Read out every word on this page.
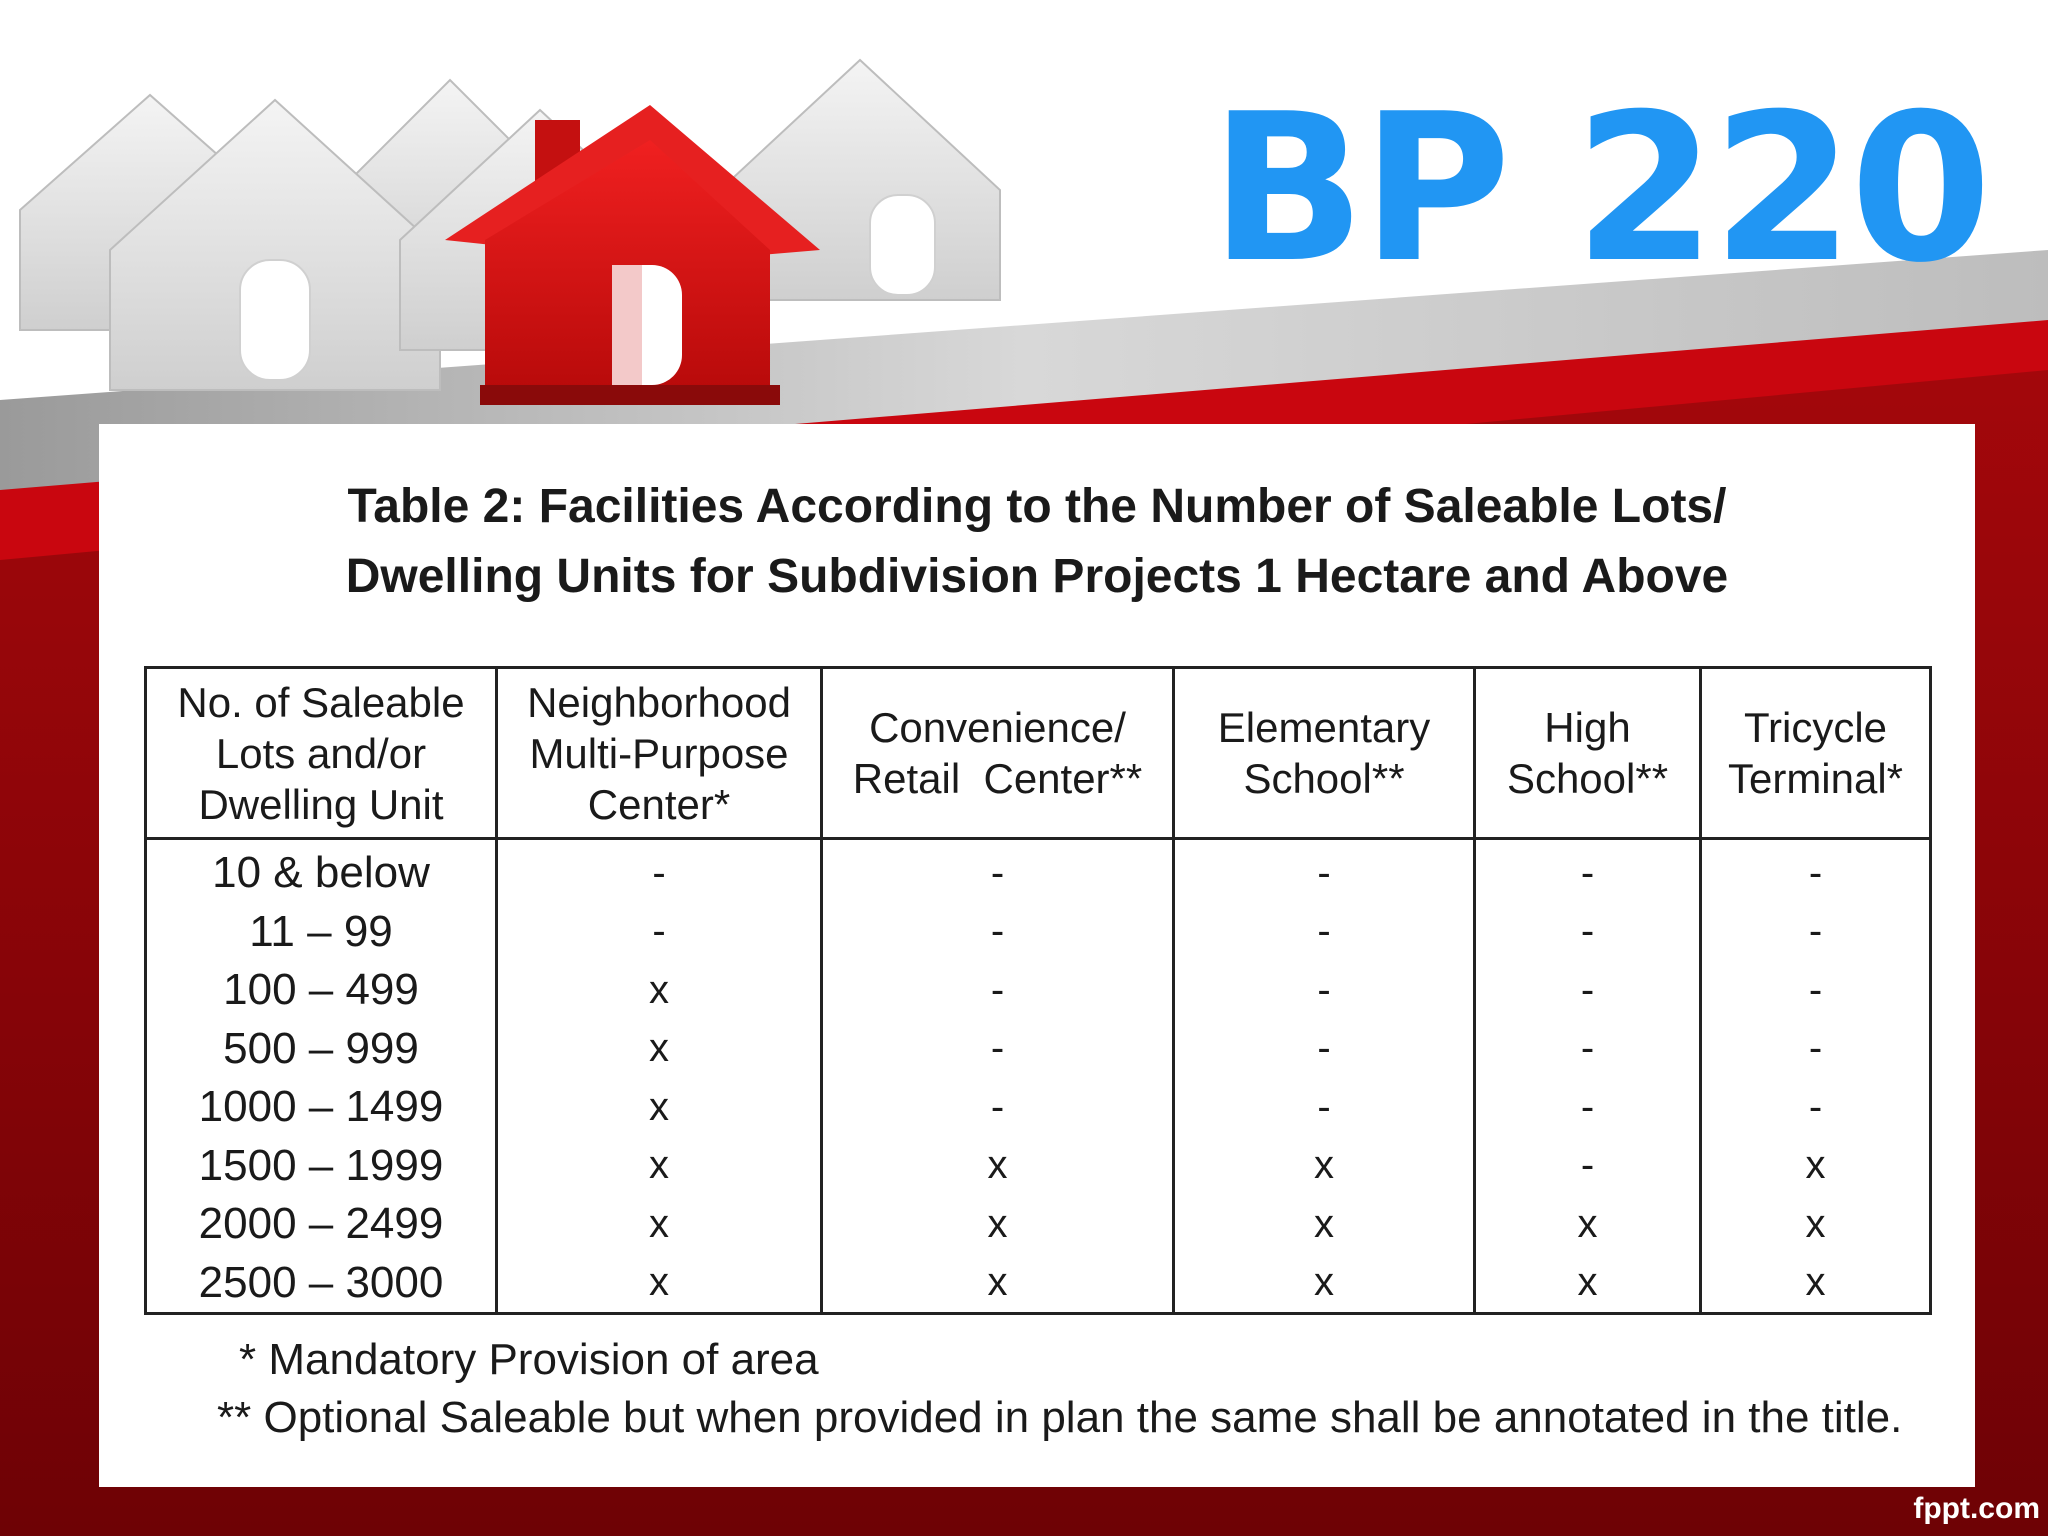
BP 220
Table 2: Facilities According to the Number of Saleable Lots/
Dwelling Units for Subdivision Projects 1 Hectare and Above
No. of Saleable
Lots and/or
Dwelling Unit	Neighborhood
Multi-Purpose
Center*	Convenience/
Retail  Center**	Elementary
School**	High
School**	Tricycle
Terminal*

10 & below	-	-	-	-	-
11 – 99	-	-	-	-	-
100 – 499	x	-	-	-	-
500 – 999	x	-	-	-	-
1000 – 1499	x	-	-	-	-
1500 – 1999	x	x	x	-	x
2000 – 2499	x	x	x	x	x
2500 – 3000	x	x	x	x	x
* Mandatory Provision of area
** Optional Saleable but when provided in plan the same shall be annotated in the title.
fppt.com
